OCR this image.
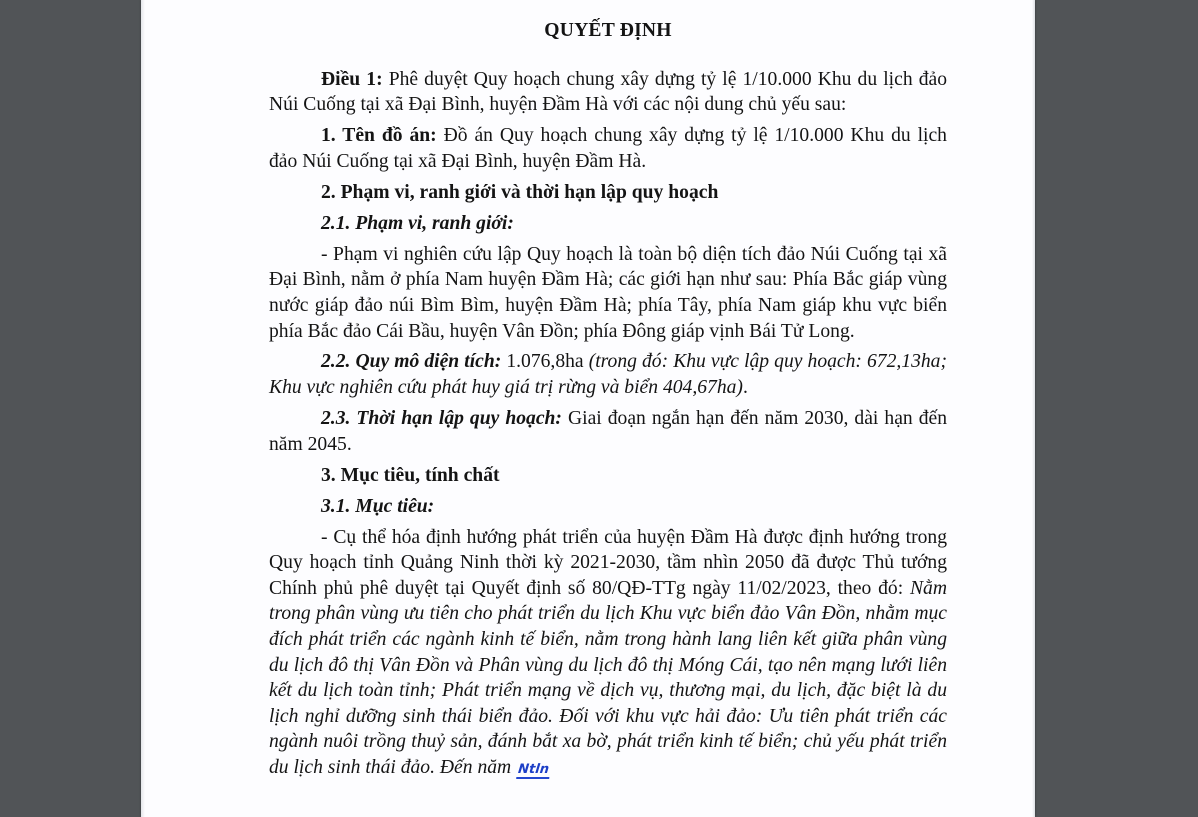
QUYẾT ĐỊNH

Điều 1: Phê duyệt Quy hoạch chung xây dựng tỷ lệ 1/10.000 Khu du lịch đảo Núi Cuống tại xã Đại Bình, huyện Đầm Hà với các nội dung chủ yếu sau:

1. Tên đồ án: Đồ án Quy hoạch chung xây dựng tỷ lệ 1/10.000 Khu du lịch đảo Núi Cuống tại xã Đại Bình, huyện Đầm Hà.

2. Phạm vi, ranh giới và thời hạn lập quy hoạch

2.1. Phạm vi, ranh giới:

- Phạm vi nghiên cứu lập Quy hoạch là toàn bộ diện tích đảo Núi Cuống tại xã Đại Bình, nằm ở phía Nam huyện Đầm Hà; các giới hạn như sau: Phía Bắc giáp vùng nước giáp đảo núi Bìm Bìm, huyện Đầm Hà; phía Tây, phía Nam giáp khu vực biển phía Bắc đảo Cái Bầu, huyện Vân Đồn; phía Đông giáp vịnh Bái Tử Long.

2.2. Quy mô diện tích: 1.076,8ha (trong đó: Khu vực lập quy hoạch: 672,13ha; Khu vực nghiên cứu phát huy giá trị rừng và biển 404,67ha).

2.3. Thời hạn lập quy hoạch: Giai đoạn ngắn hạn đến năm 2030, dài hạn đến năm 2045.

3. Mục tiêu, tính chất

3.1. Mục tiêu:

- Cụ thể hóa định hướng phát triển của huyện Đầm Hà được định hướng trong Quy hoạch tỉnh Quảng Ninh thời kỳ 2021-2030, tầm nhìn 2050 đã được Thủ tướng Chính phủ phê duyệt tại Quyết định số 80/QĐ-TTg ngày 11/02/2023, theo đó: Nằm trong phân vùng ưu tiên cho phát triển du lịch Khu vực biển đảo Vân Đồn, nhằm mục đích phát triển các ngành kinh tế biển, nằm trong hành lang liên kết giữa phân vùng du lịch đô thị Vân Đồn và Phân vùng du lịch đô thị Móng Cái, tạo nên mạng lưới liên kết du lịch toàn tỉnh; Phát triển mạng về dịch vụ, thương mại, du lịch, đặc biệt là du lịch nghỉ dưỡng sinh thái biển đảo. Đối với khu vực hải đảo: Ưu tiên phát triển các ngành nuôi trồng thuỷ sản, đánh bắt xa bờ, phát triển kinh tế biển; chủ yếu phát triển du lịch sinh thái đảo. Đến năm Ntln
